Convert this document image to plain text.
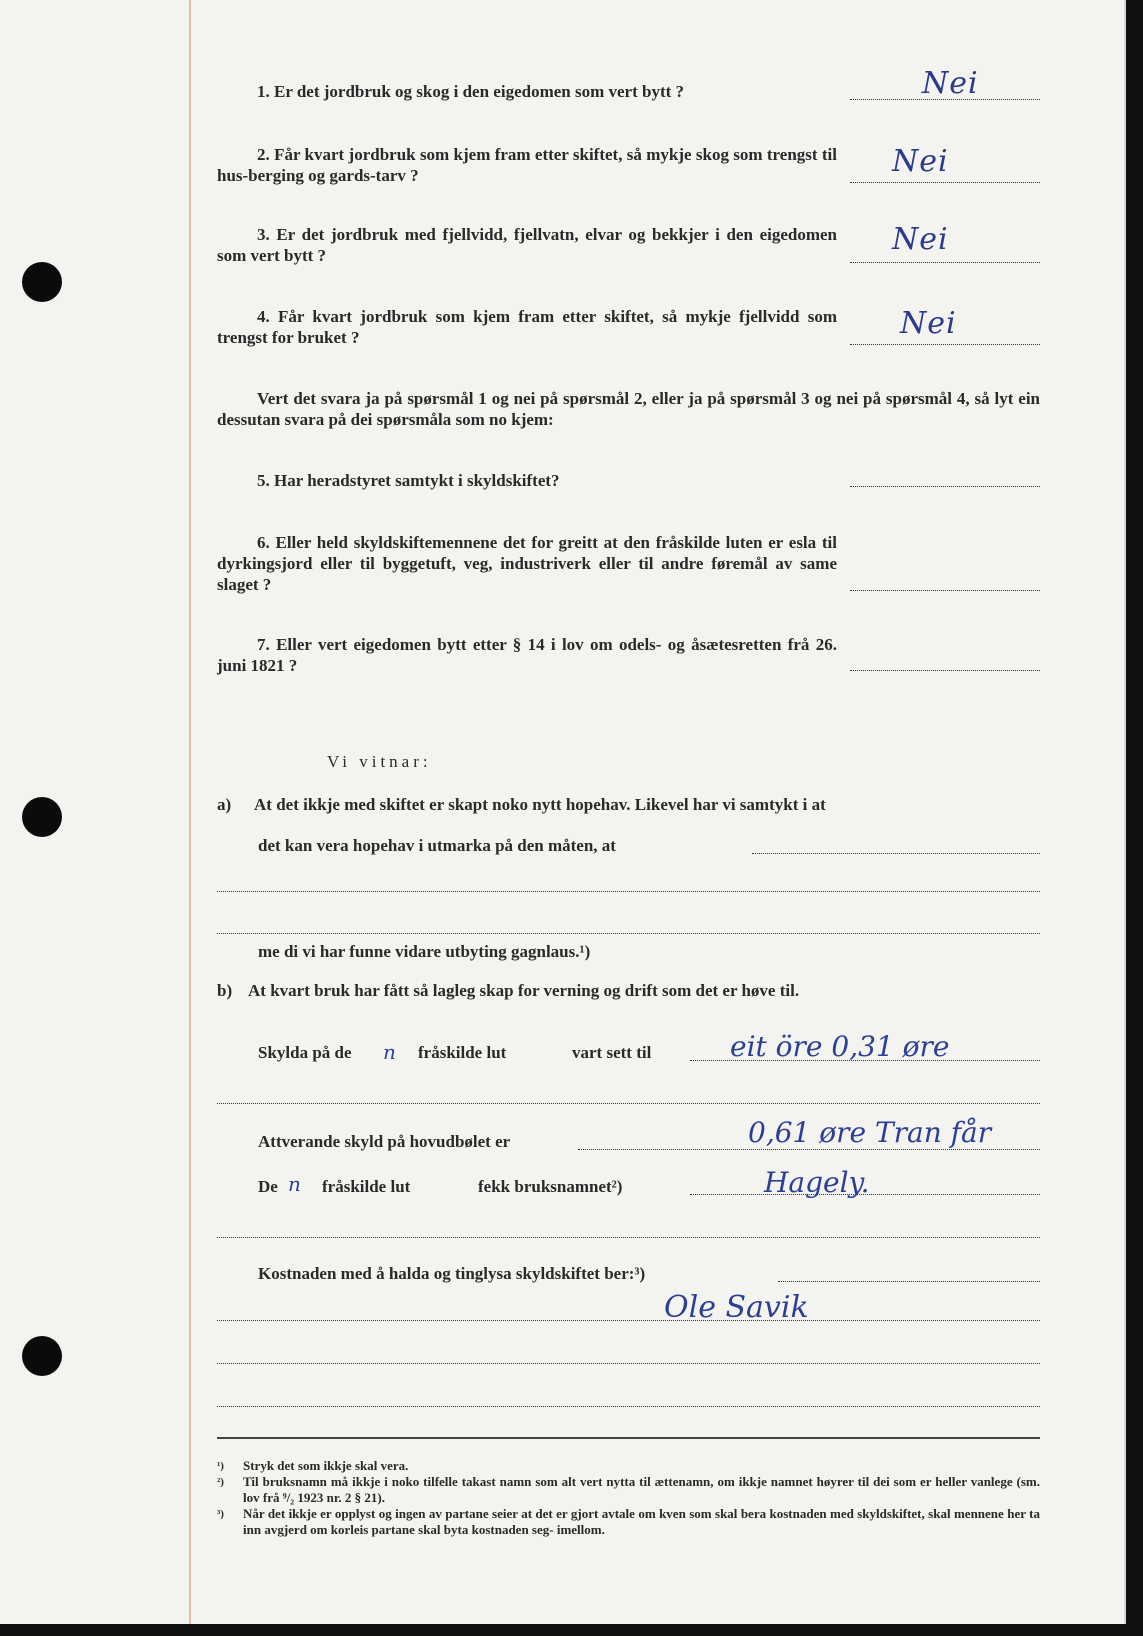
1. Er det jordbruk og skog i den eigedomen som vert bytt ?	Nei
2. Får kvart jordbruk som kjem fram etter skiftet, så mykje skog som trengst til hus-berging og gards-tarv ?	Nei
3. Er det jordbruk med fjellvidd, fjellvatn, elvar og bekkjer i den eigedomen som vert bytt ?	Nei
4. Får kvart jordbruk som kjem fram etter skiftet, så mykje fjellvidd som trengst for bruket ?	Nei
Vert det svara ja på spørsmål 1 og nei på spørsmål 2, eller ja på spørsmål 3 og nei på spørsmål 4, så lyt ein dessutan svara på dei spørsmåla som no kjem:
5. Har heradstyret samtykt i skyldskiftet?
6. Eller held skyldskiftemennene det for greitt at den fråskilde luten er esla til dyrkingsjord eller til byggetuft, veg, industriverk eller til andre føremål av same slaget ?
7. Eller vert eigedomen bytt etter § 14 i lov om odels- og åsætesretten frå 26. juni 1821 ?
Vi vitnar:
a) At det ikkje med skiftet er skapt noko nytt hopehav. Likevel har vi samtykt i at
det kan vera hopehav i utmarka på den måten, at
me di vi har funne vidare utbyting gagnlaus.¹)
b) At kvart bruk har fått så lagleg skap for verning og drift som det er høve til.
Skylda på de n fråskilde lut	vart sett til	eit öre 0,31 øre
Attverande skyld på hovudbølet er	0,61 øre Tran får
De n fråskilde lut	fekk bruksnamnet²)	Hagely.
Kostnaden med å halda og tinglysa skyldskiftet ber:³)
Ole Savik
¹)	Stryk det som ikkje skal vera.
²)	Til bruksnamn må ikkje i noko tilfelle takast namn som alt vert nytta til ættenamn, om ikkje namnet høyrer til dei som er heller vanlege (sm. lov frå ⁹/₂ 1923 nr. 2 § 21).
³)	Når det ikkje er opplyst og ingen av partane seier at det er gjort avtale om kven som skal bera kostnaden med skyldskiftet, skal mennene her ta inn avgjerd om korleis partane skal byta kostnaden seg- imellom.
